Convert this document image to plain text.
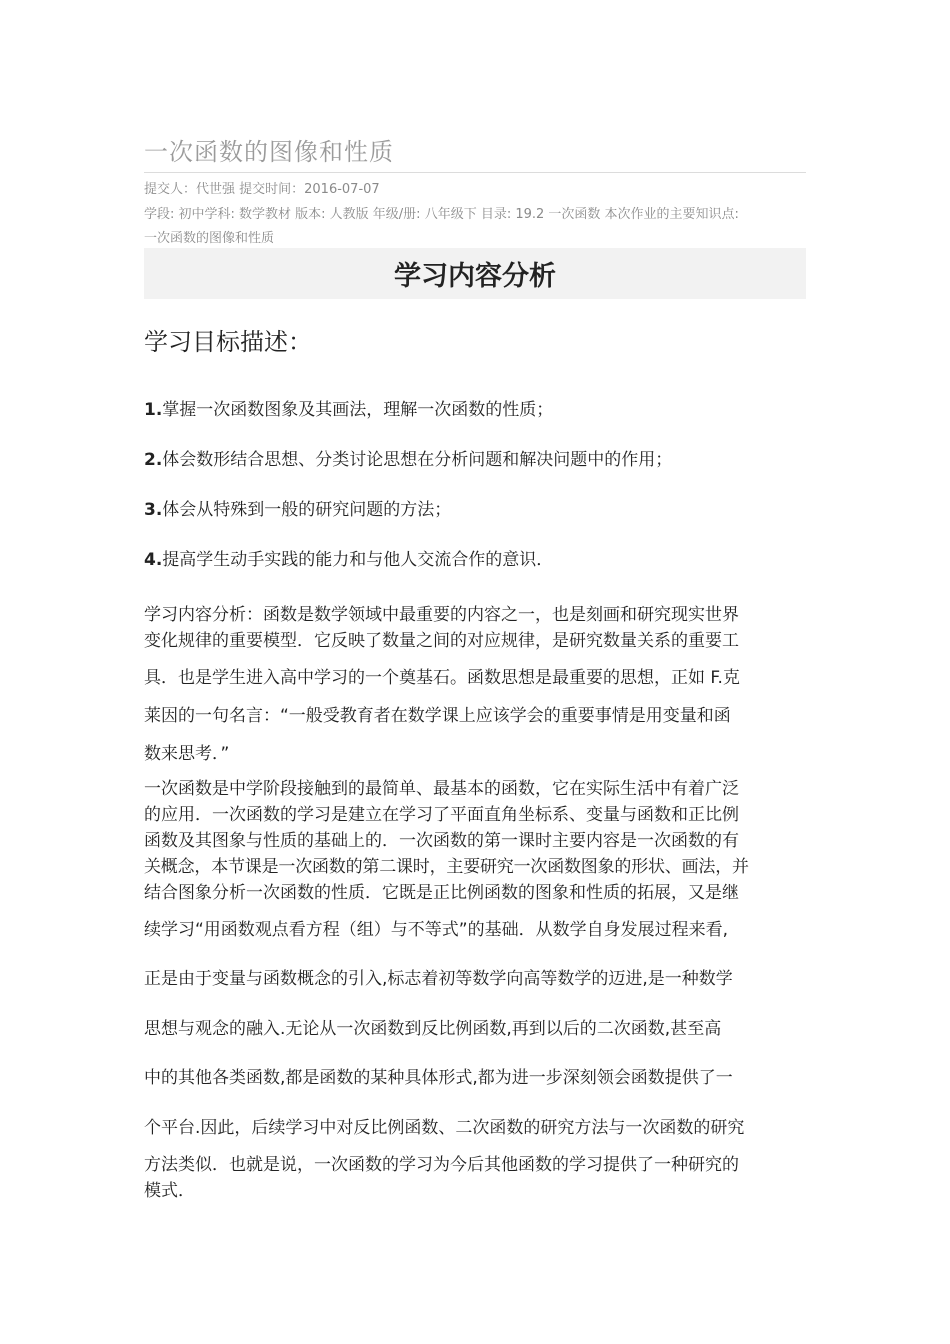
一次函数的图像和性质
提交人：代世强 提交时间：2016-07-07
学段: 初中学科: 数学教材 版本: 人教版 年级/册: 八年级下 目录: 19.2 一次函数 本次作业的主要知识点:
一次函数的图像和性质
学习内容分析
学习目标描述：
1.掌握一次函数图象及其画法，理解一次函数的性质；
2.体会数形结合思想、分类讨论思想在分析问题和解决问题中的作用；
3.体会从特殊到一般的研究问题的方法；
4.提高学生动手实践的能力和与他人交流合作的意识．
学习内容分析：函数是数学领域中最重要的内容之一，也是刻画和研究现实世界
变化规律的重要模型．它反映了数量之间的对应规律，是研究数量关系的重要工
具．也是学生进入高中学习的一个奠基石。函数思想是最重要的思想，正如 F.克
莱因的一句名言：“一般受教育者在数学课上应该学会的重要事情是用变量和函
数来思考．”
一次函数是中学阶段接触到的最简单、最基本的函数，它在实际生活中有着广泛
的应用．一次函数的学习是建立在学习了平面直角坐标系、变量与函数和正比例
函数及其图象与性质的基础上的．一次函数的第一课时主要内容是一次函数的有
关概念，本节课是一次函数的第二课时，主要研究一次函数图象的形状、画法，并
结合图象分析一次函数的性质．它既是正比例函数的图象和性质的拓展，又是继
续学习“用函数观点看方程（组）与不等式”的基础．从数学自身发展过程来看,
正是由于变量与函数概念的引入,标志着初等数学向高等数学的迈进,是一种数学
思想与观念的融入.无论从一次函数到反比例函数,再到以后的二次函数,甚至高
中的其他各类函数,都是函数的某种具体形式,都为进一步深刻领会函数提供了一
个平台.因此，后续学习中对反比例函数、二次函数的研究方法与一次函数的研究
方法类似．也就是说，一次函数的学习为今后其他函数的学习提供了一种研究的
模式．
